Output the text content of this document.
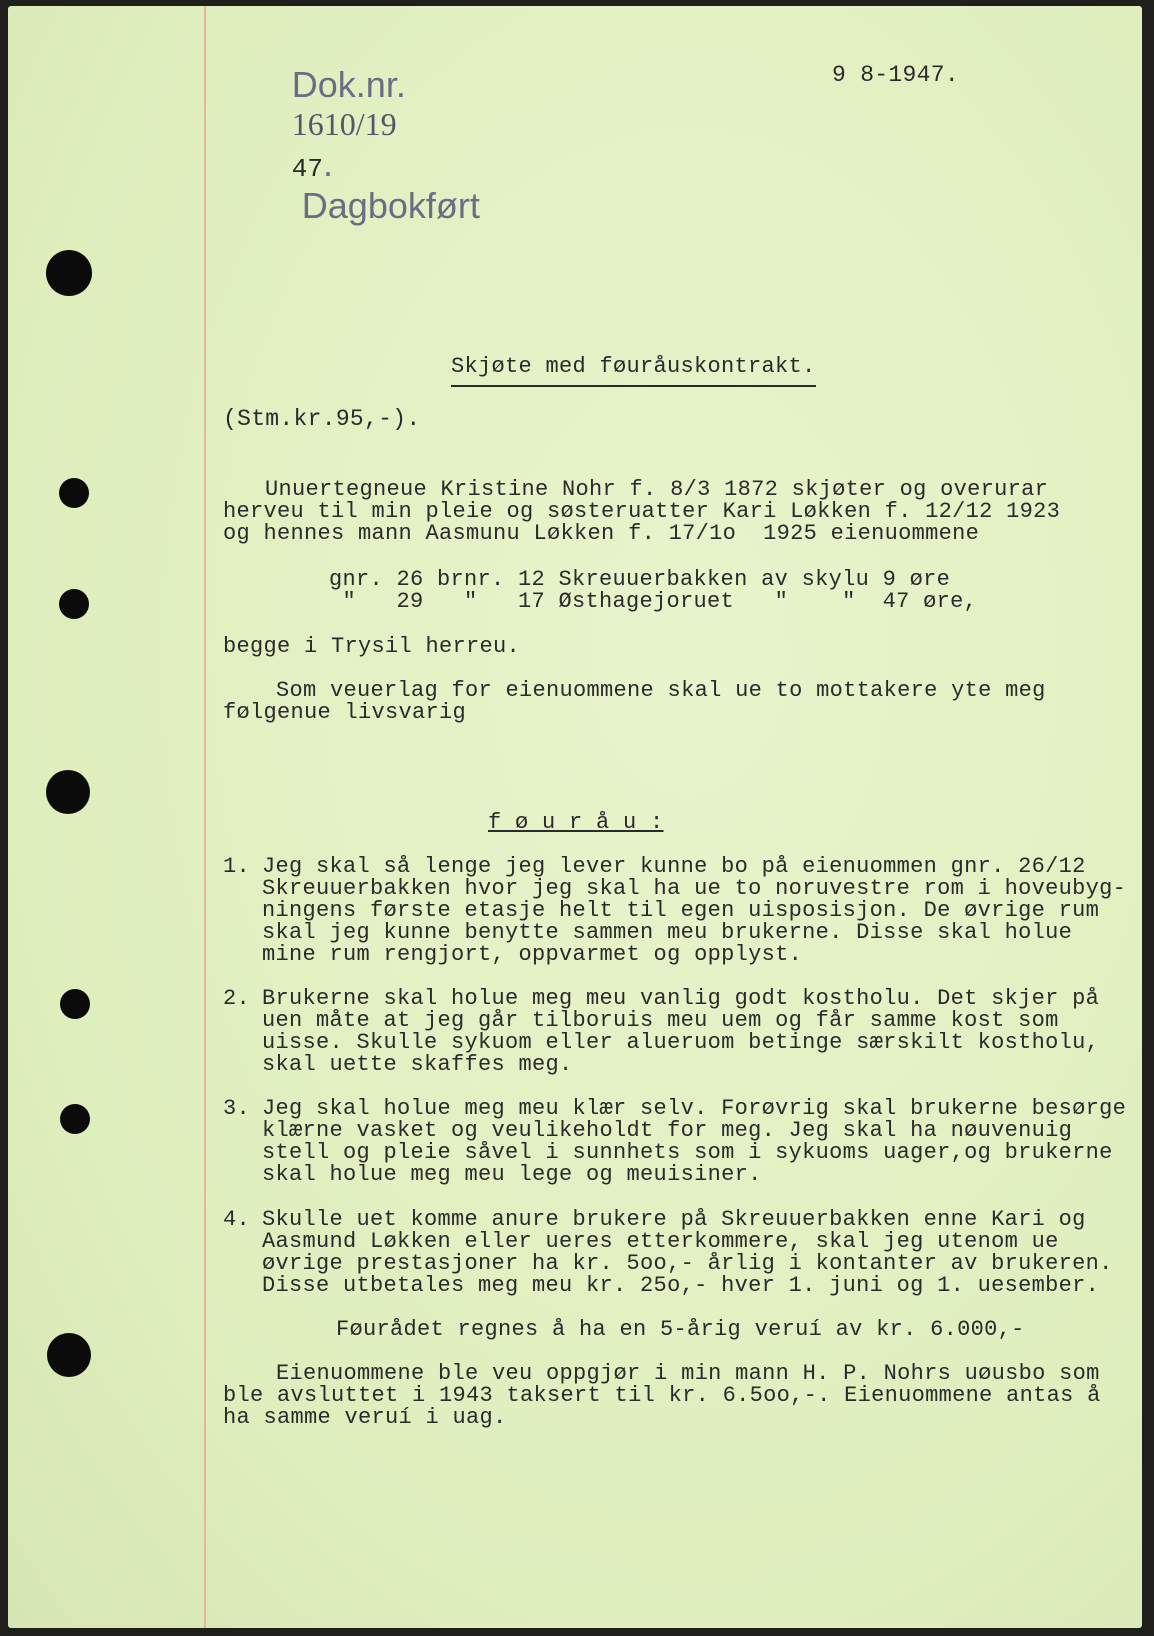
Dok.nr.
1610/19
47.
Dagbokført

9 8-1947.
Skjøte med føuråuskontrakt.
(Stm.kr.95,-).
Unuertegneue Kristine Nohr f. 8/3 1872 skjøter og overurar
herveu til min pleie og søsteruatter Kari Løkken f. 12/12 1923
og hennes mann Aasmunu Løkken f. 17/1o  1925 eienuommene
gnr. 26 brnr. 12 Skreuuerbakken av skylu 9 øre
"   29   "   17 Østhagejoruet   "    "  47 øre,
begge i Trysil herreu.
Som veuerlag for eienuommene skal ue to mottakere yte meg
følgenue livsvarig
f ø u r å u :
1. Jeg skal så lenge jeg lever kunne bo på eienuommen gnr. 26/12
Skreuuerbakken hvor jeg skal ha ue to noruvestre rom i hoveubyg-
ningens første etasje helt til egen uisposisjon. De øvrige rum
skal jeg kunne benytte sammen meu brukerne. Disse skal holue
mine rum rengjort, oppvarmet og opplyst.
2. Brukerne skal holue meg meu vanlig godt kostholu. Det skjer på
uen måte at jeg går tilboruis meu uem og får samme kost som
uisse. Skulle sykuom eller alueruom betinge særskilt kostholu,
skal uette skaffes meg.
3. Jeg skal holue meg meu klær selv. Forøvrig skal brukerne besørge
klærne vasket og veulikeholdt for meg. Jeg skal ha nøuvenuig
stell og pleie såvel i sunnhets som i sykuoms uager,og brukerne
skal holue meg meu lege og meuisiner.
4. Skulle uet komme anure brukere på Skreuuerbakken enne Kari og
Aasmund Løkken eller ueres etterkommere, skal jeg utenom ue
øvrige prestasjoner ha kr. 5oo,- årlig i kontanter av brukeren.
Disse utbetales meg meu kr. 25o,- hver 1. juni og 1. uesember.
Føurådet regnes å ha en 5-årig veruí av kr. 6.000,-
Eienuommene ble veu oppgjør i min mann H. P. Nohrs uøusbo som
ble avsluttet i 1943 taksert til kr. 6.5oo,-. Eienuommene antas å
ha samme veruí i uag.
